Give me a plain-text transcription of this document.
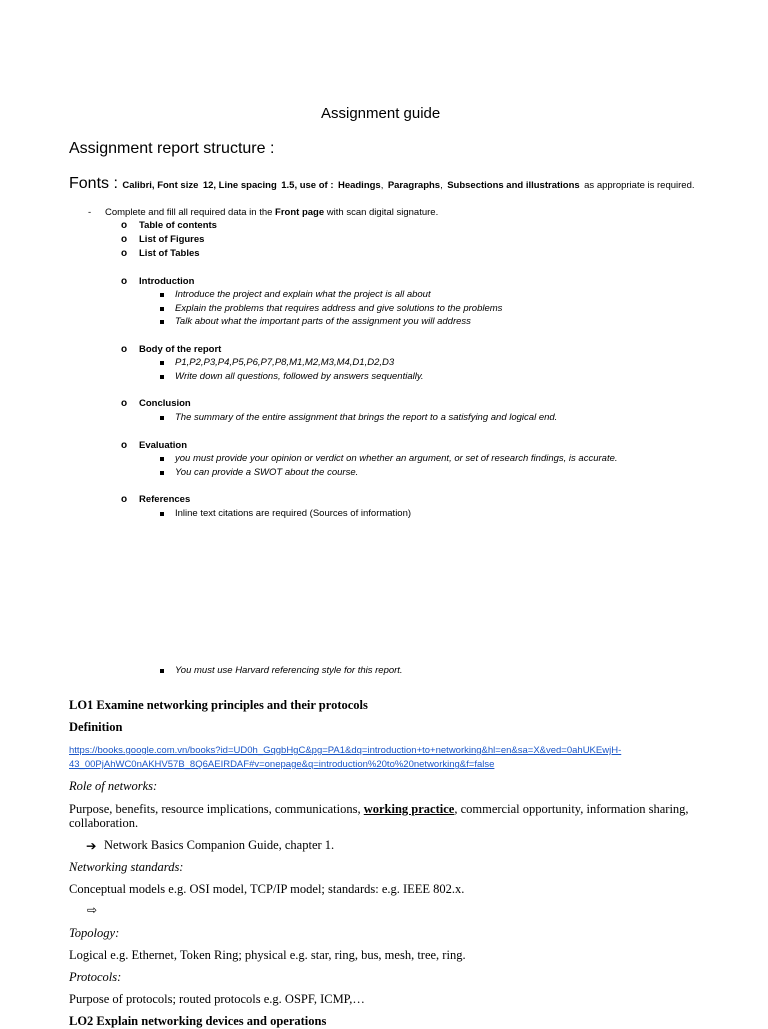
Assignment guide
Assignment report structure :
Fonts : Calibri, Font size 12, Line spacing 1.5, use of : Headings, Paragraphs, Subsections and illustrations as appropriate is required.
- Complete and fill all required data in the Front page with scan digital signature.
o Table of contents
o List of Figures
o List of Tables
o Introduction
Introduce the project and explain what the project is all about
Explain the problems that requires address and give solutions to the problems
Talk about what the important parts of the assignment you will address
o Body of the report
P1,P2,P3,P4,P5,P6,P7,P8,M1,M2,M3,M4,D1,D2,D3
Write down all questions, followed by answers sequentially.
o Conclusion
The summary of the entire assignment that brings the report to a satisfying and logical end.
o Evaluation
you must provide your opinion or verdict on whether an argument, or set of research findings, is accurate.
You can provide a SWOT about the course.
o References
Inline text citations are required (Sources of information)
You must use Harvard referencing style for this report.
LO1 Examine networking principles and their protocols
Definition
https://books.google.com.vn/books?id=UD0h_GqgbHgC&pg=PA1&dq=introduction+to+networking&hl=en&sa=X&ved=0ahUKEwjH-
43_00PjAhWC0nAKHV57B_8Q6AEIRDAF#v=onepage&q=introduction%20to%20networking&f=false
Role of networks:
Purpose, benefits, resource implications, communications, working practice, commercial opportunity, information sharing,
collaboration.
➔ Network Basics Companion Guide, chapter 1.
Networking standards:
Conceptual models e.g. OSI model, TCP/IP model; standards: e.g. IEEE 802.x.
⇨
Topology:
Logical e.g. Ethernet, Token Ring; physical e.g. star, ring, bus, mesh, tree, ring.
Protocols:
Purpose of protocols; routed protocols e.g. OSPF, ICMP,…
LO2 Explain networking devices and operations
